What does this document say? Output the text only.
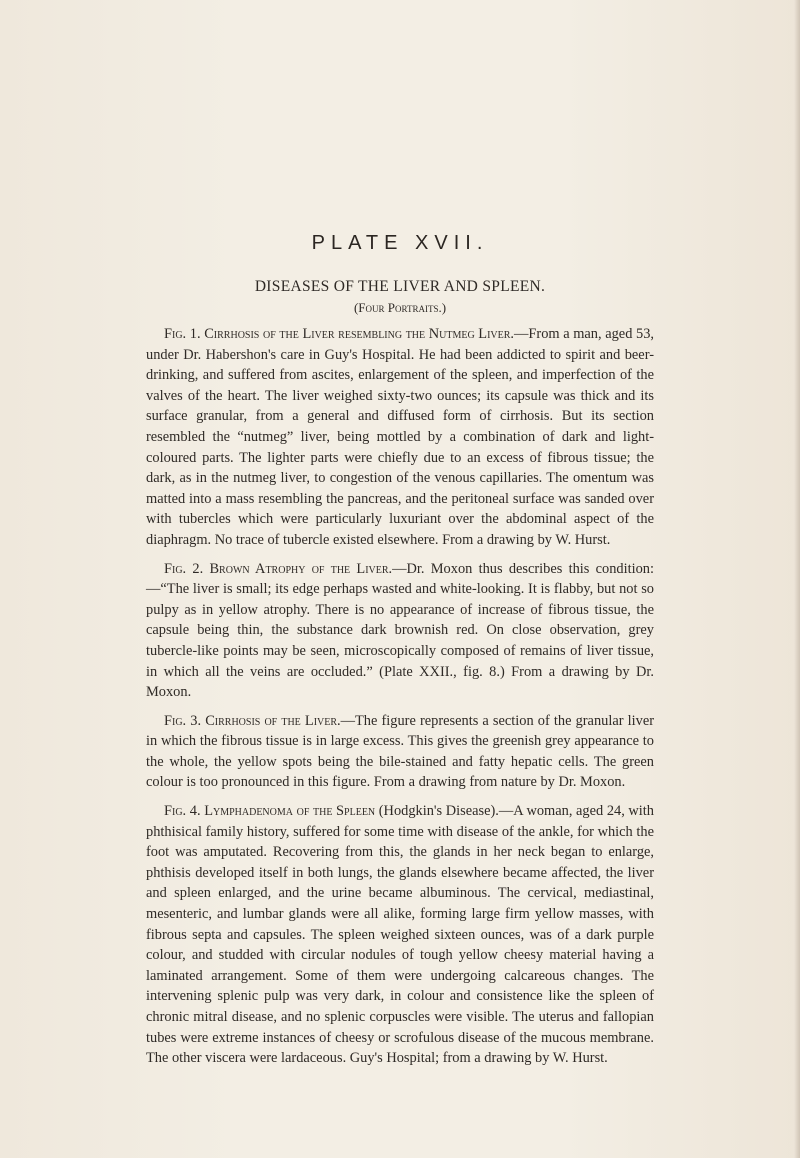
PLATE XVII.
DISEASES OF THE LIVER AND SPLEEN.
(Four Portraits.)

Fig. 1. Cirrhosis of the Liver resembling the Nutmeg Liver.—From a man, aged 53, under Dr. Habershon's care in Guy's Hospital. He had been addicted to spirit and beer-drinking, and suffered from ascites, enlargement of the spleen, and imperfection of the valves of the heart. The liver weighed sixty-two ounces; its capsule was thick and its surface granular, from a general and diffused form of cirrhosis. But its section resembled the “nutmeg” liver, being mottled by a combination of dark and light-coloured parts. The lighter parts were chiefly due to an excess of fibrous tissue; the dark, as in the nutmeg liver, to congestion of the venous capillaries. The omentum was matted into a mass resembling the pancreas, and the peritoneal surface was sanded over with tubercles which were particularly luxuriant over the abdominal aspect of the diaphragm. No trace of tubercle existed elsewhere. From a drawing by W. Hurst.

Fig. 2. Brown Atrophy of the Liver.—Dr. Moxon thus describes this condition:—“The liver is small; its edge perhaps wasted and white-looking. It is flabby, but not so pulpy as in yellow atrophy. There is no appearance of increase of fibrous tissue, the capsule being thin, the substance dark brownish red. On close observation, grey tubercle-like points may be seen, microscopically composed of remains of liver tissue, in which all the veins are occluded.” (Plate XXII., fig. 8.) From a drawing by Dr. Moxon.

Fig. 3. Cirrhosis of the Liver.—The figure represents a section of the granular liver in which the fibrous tissue is in large excess. This gives the greenish grey appearance to the whole, the yellow spots being the bile-stained and fatty hepatic cells. The green colour is too pronounced in this figure. From a drawing from nature by Dr. Moxon.

Fig. 4. Lymphadenoma of the Spleen (Hodgkin's Disease).—A woman, aged 24, with phthisical family history, suffered for some time with disease of the ankle, for which the foot was amputated. Recovering from this, the glands in her neck began to enlarge, phthisis developed itself in both lungs, the glands elsewhere became affected, the liver and spleen enlarged, and the urine became albuminous. The cervical, mediastinal, mesenteric, and lumbar glands were all alike, forming large firm yellow masses, with fibrous septa and capsules. The spleen weighed sixteen ounces, was of a dark purple colour, and studded with circular nodules of tough yellow cheesy material having a laminated arrangement. Some of them were undergoing calcareous changes. The intervening splenic pulp was very dark, in colour and consistence like the spleen of chronic mitral disease, and no splenic corpuscles were visible. The uterus and fallopian tubes were extreme instances of cheesy or scrofulous disease of the mucous membrane. The other viscera were lardaceous. Guy's Hospital; from a drawing by W. Hurst.
